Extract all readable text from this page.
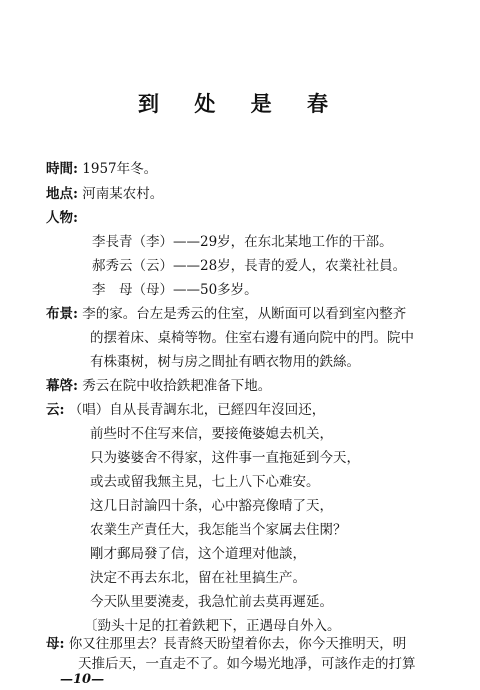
到 处 是 春
時間: 1957年冬。
地点: 河南某农村。
人物:
李長青（李）——29岁，在东北某地工作的干部。
郝秀云（云）——28岁，長青的爱人，农業社社員。
李　母（母）——50多岁。
布景: 李的家。台左是秀云的住室，从断面可以看到室內整齐
的摆着床、桌椅等物。住室右邊有通向院中的門。院中
有株棗树，树与房之間扯有晒衣物用的鉄絲。
幕啓: 秀云在院中收拾鉄耙准备下地。
云: （唱）自从長青調东北，已經四年沒回还，
前些时不住写来信，要接俺婆媳去机关，
只为婆婆舍不得家，这件事一直拖延到今天，
或去或留我無主見，七上八下心难安。
这几日討論四十条，心中豁亮像晴了天，
农業生产責任大，我怎能当个家属去住閑？
剛才郵局發了信，这个道理对他談，
決定不再去东北，留在社里搞生产。
今天队里要澆麦，我急忙前去莫再遲延。
〔勁头十足的扛着鉄耙下，正遇母自外入。
母: 你又往那里去？長青終天盼望着你去，你今天推明天，明
天推后天，一直走不了。如今場光地凈，可該作走的打算
—10—
